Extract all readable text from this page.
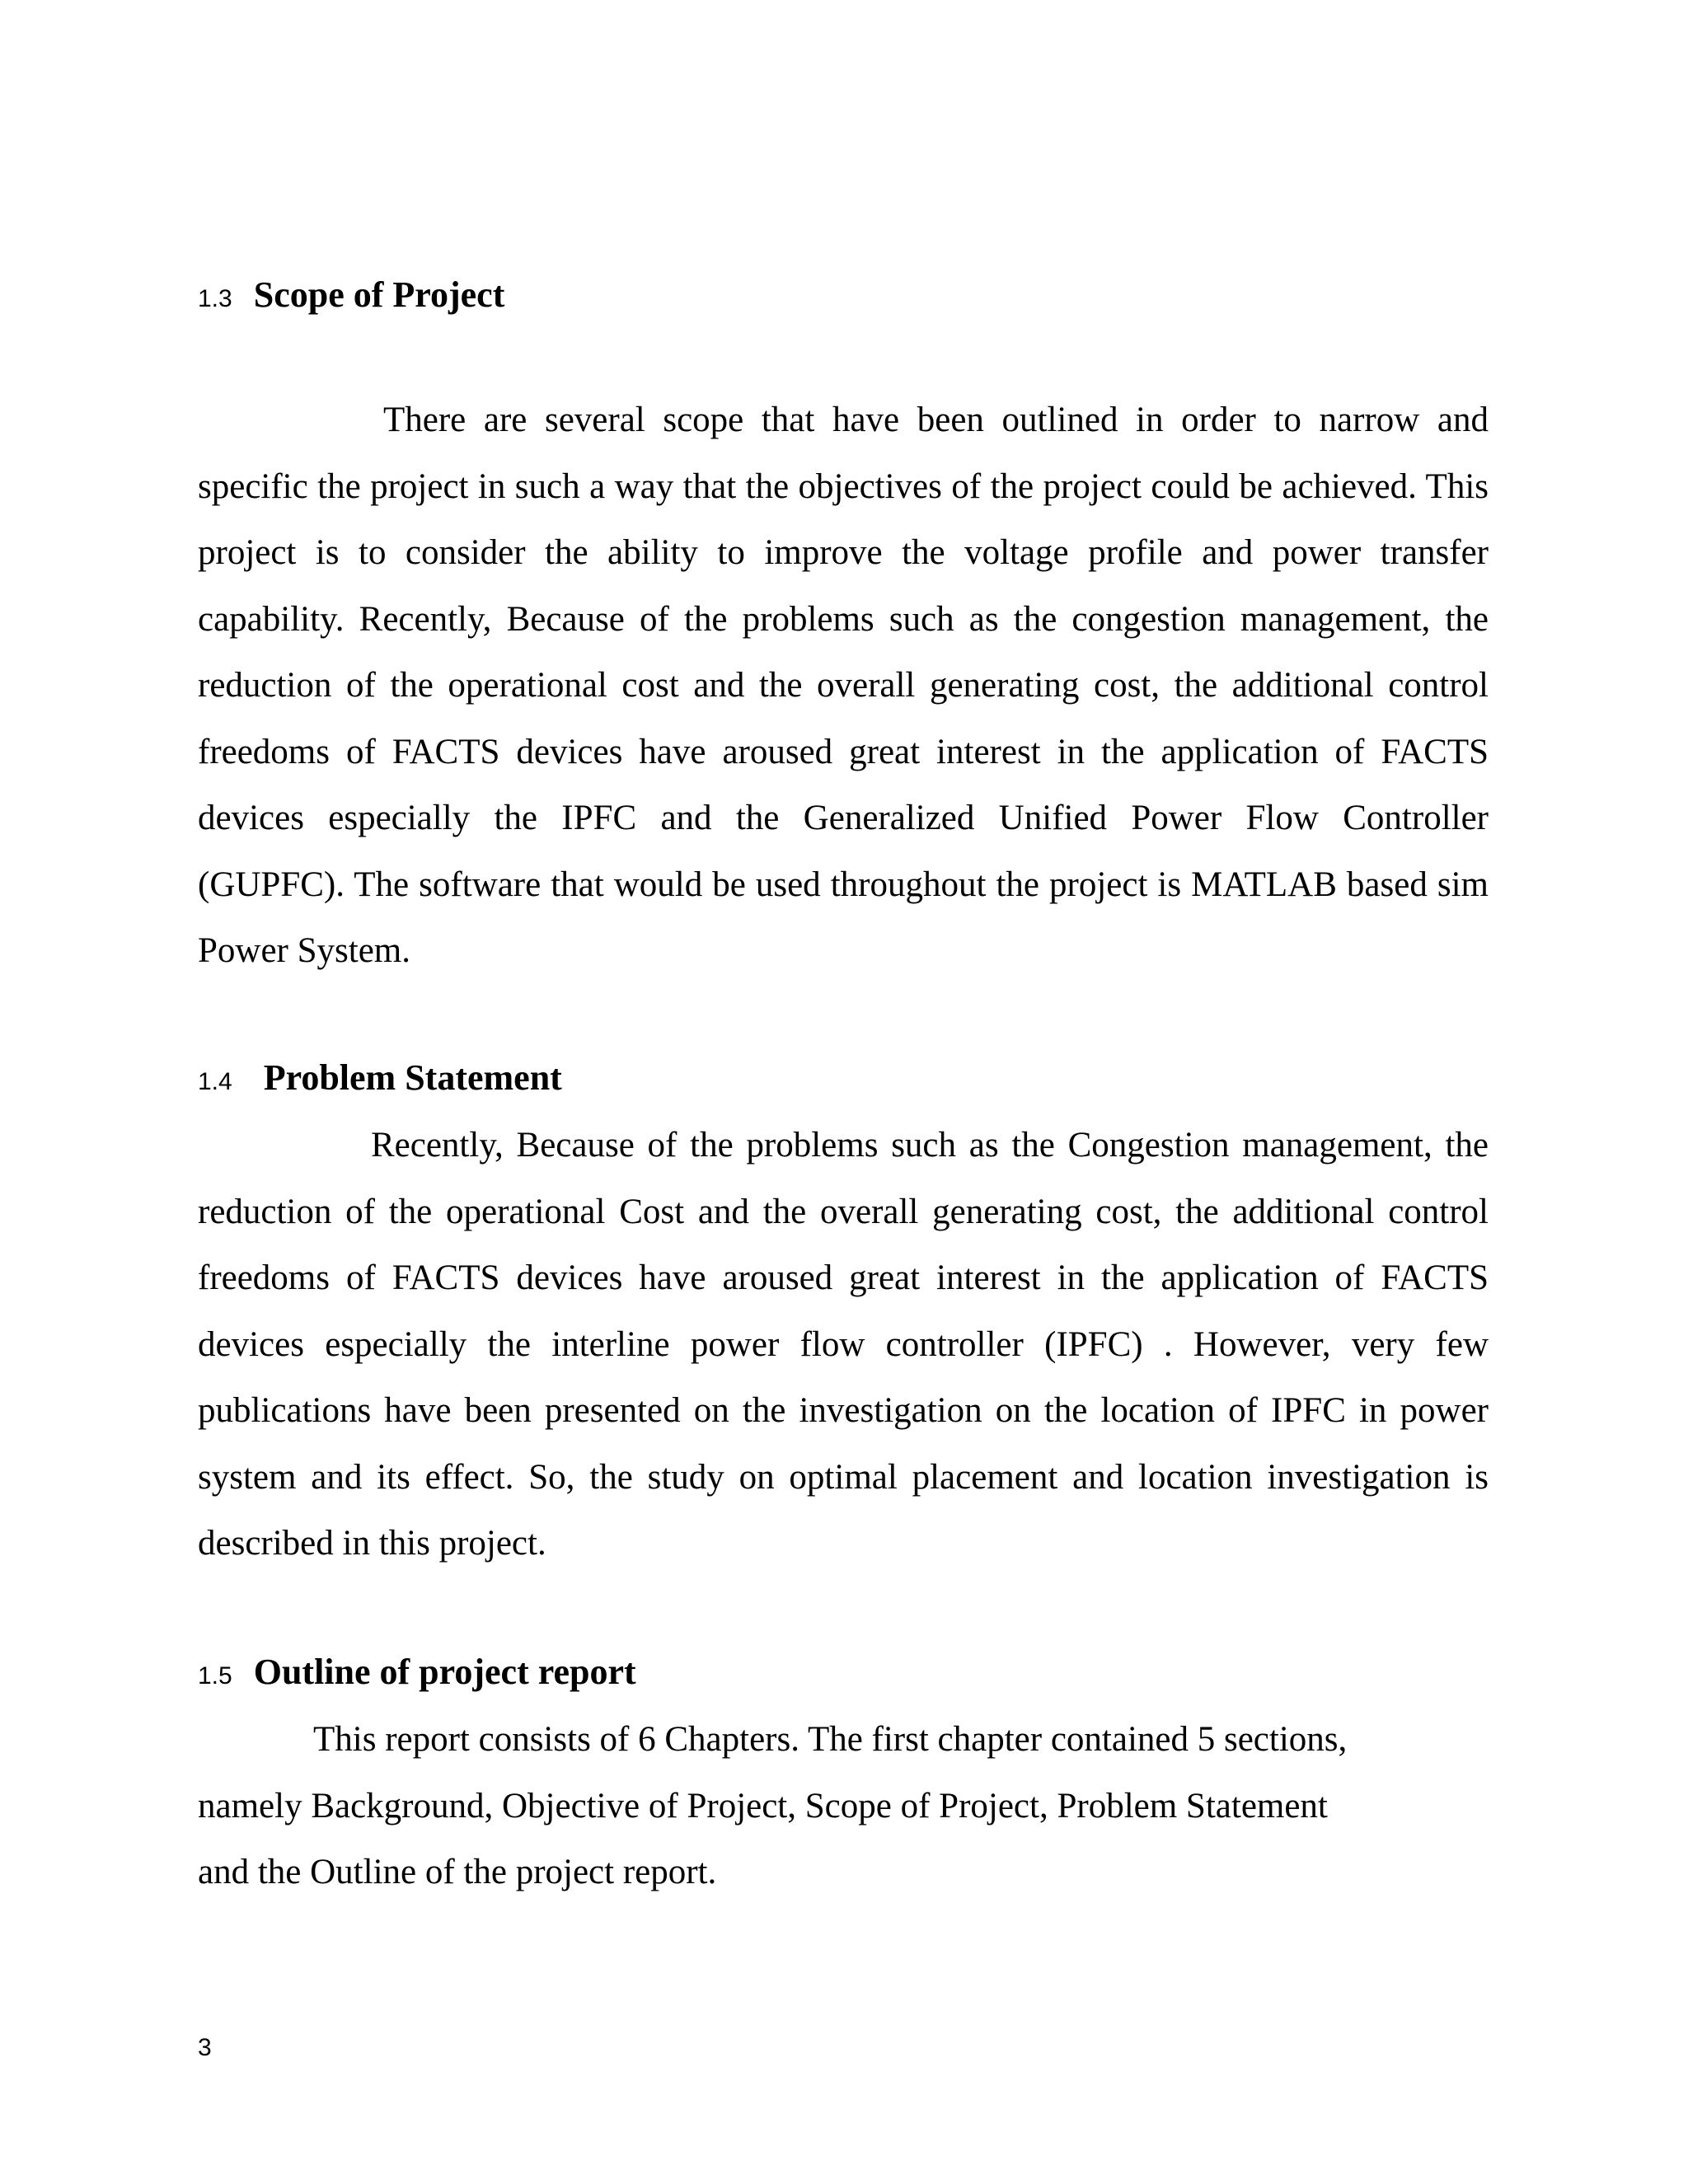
1.3 Scope of Project

There are several scope that have been outlined in order to narrow and specific the project in such a way that the objectives of the project could be achieved. This project is to consider the ability to improve the voltage profile and power transfer capability. Recently, Because of the problems such as the congestion management, the reduction of the operational cost and the overall generating cost, the additional control freedoms of FACTS devices have aroused great interest in the application of FACTS devices especially the IPFC and the Generalized Unified Power Flow Controller (GUPFC). The software that would be used throughout the project is MATLAB based sim Power System.

1.4 Problem Statement

Recently, Because of the problems such as the Congestion management, the reduction of the operational Cost and the overall generating cost, the additional control freedoms of FACTS devices have aroused great interest in the application of FACTS devices especially the interline power flow controller (IPFC) . However, very few publications have been presented on the investigation on the location of IPFC in power system and its effect. So, the study on optimal placement and location investigation is described in this project.

1.5 Outline of project report
This report consists of 6 Chapters. The first chapter contained 5 sections,
namely Background, Objective of Project, Scope of Project, Problem Statement
and the Outline of the project report.
3
